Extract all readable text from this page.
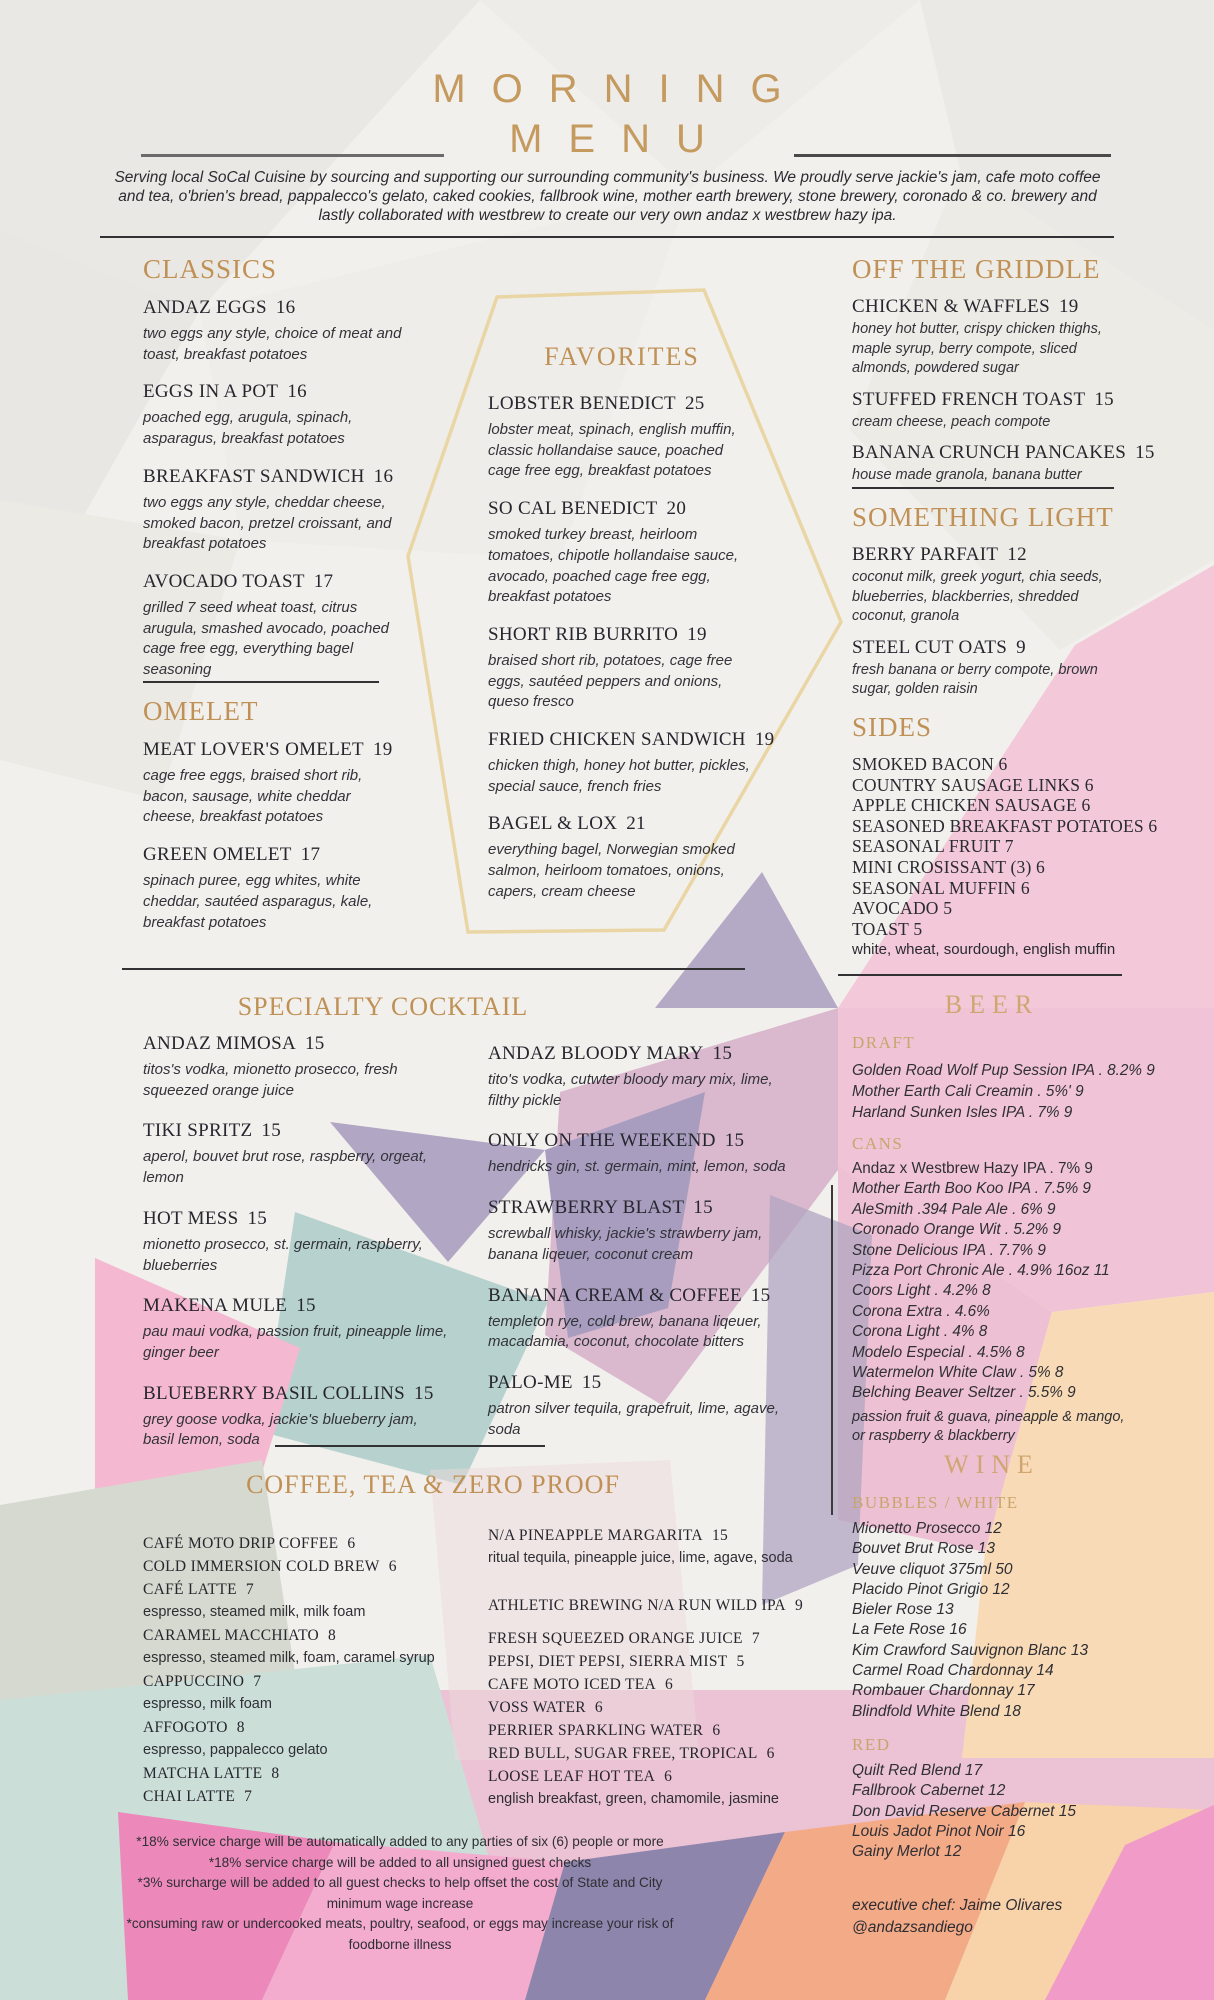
MORNING
MENU
Serving local SoCal Cuisine by sourcing and supporting our surrounding community's business. We proudly serve jackie's jam, cafe moto coffee
and tea, o'brien's bread, pappalecco's gelato, caked cookies, fallbrook wine, mother earth brewery, stone brewery, coronado & co. brewery and
lastly collaborated with westbrew to create our very own andaz x westbrew hazy ipa.
CLASSICS
ANDAZ EGGS 16
two eggs any style, choice of meat and toast, breakfast potatoes
EGGS IN A POT 16
poached egg, arugula, spinach, asparagus, breakfast potatoes
BREAKFAST SANDWICH 16
two eggs any style, cheddar cheese, smoked bacon, pretzel croissant, and breakfast potatoes
AVOCADO TOAST 17
grilled 7 seed wheat toast, citrus arugula, smashed avocado, poached cage free egg, everything bagel seasoning
OMELET
MEAT LOVER'S OMELET 19
cage free eggs, braised short rib, bacon, sausage, white cheddar cheese, breakfast potatoes
GREEN OMELET 17
spinach puree, egg whites, white cheddar, sautéed asparagus, kale, breakfast potatoes
FAVORITES
LOBSTER BENEDICT 25
lobster meat, spinach, english muffin, classic hollandaise sauce, poached cage free egg, breakfast potatoes
SO CAL BENEDICT 20
smoked turkey breast, heirloom tomatoes, chipotle hollandaise sauce, avocado, poached cage free egg, breakfast potatoes
SHORT RIB BURRITO 19
braised short rib, potatoes, cage free eggs, sautéed peppers and onions, queso fresco
FRIED CHICKEN SANDWICH 19
chicken thigh, honey hot butter, pickles, special sauce, french fries
BAGEL & LOX 21
everything bagel, Norwegian smoked salmon, heirloom tomatoes, onions, capers, cream cheese
OFF THE GRIDDLE
CHICKEN & WAFFLES 19
honey hot butter, crispy chicken thighs, maple syrup, berry compote, sliced almonds, powdered sugar
STUFFED FRENCH TOAST 15
cream cheese, peach compote
BANANA CRUNCH PANCAKES 15
house made granola, banana butter
SOMETHING LIGHT
BERRY PARFAIT 12
coconut milk, greek yogurt, chia seeds, blueberries, blackberries, shredded coconut, granola
STEEL CUT OATS 9
fresh banana or berry compote, brown sugar, golden raisin
SIDES
SMOKED BACON 6
COUNTRY SAUSAGE LINKS 6
APPLE CHICKEN SAUSAGE 6
SEASONED BREAKFAST POTATOES 6
SEASONAL FRUIT 7
MINI CROSISSANT (3) 6
SEASONAL MUFFIN 6
AVOCADO 5
TOAST 5
white, wheat, sourdough, english muffin
SPECIALTY COCKTAIL
ANDAZ MIMOSA 15
titos's vodka, mionetto prosecco, fresh squeezed orange juice
TIKI SPRITZ 15
aperol, bouvet brut rose, raspberry, orgeat, lemon
HOT MESS 15
mionetto prosecco, st. germain, raspberry, blueberries
MAKENA MULE 15
pau maui vodka, passion fruit, pineapple lime, ginger beer
BLUEBERRY BASIL COLLINS 15
grey goose vodka, jackie's blueberry jam, basil lemon, soda
ANDAZ BLOODY MARY 15
tito's vodka, cutwter bloody mary mix, lime, filthy pickle
ONLY ON THE WEEKEND 15
hendricks gin, st. germain, mint, lemon, soda
STRAWBERRY BLAST 15
screwball whisky, jackie's strawberry jam, banana liqeuer, coconut cream
BANANA CREAM & COFFEE 15
templeton rye, cold brew, banana liqeuer, macadamia, coconut, chocolate bitters
PALO-ME 15
patron silver tequila, grapefruit, lime, agave, soda
BEER
DRAFT
Golden Road Wolf Pup Session IPA . 8.2% 9
Mother Earth Cali Creamin . 5%' 9
Harland Sunken Isles IPA . 7% 9
CANS
Andaz x Westbrew Hazy IPA . 7% 9
Mother Earth Boo Koo IPA . 7.5% 9
AleSmith .394 Pale Ale . 6% 9
Coronado Orange Wit . 5.2% 9
Stone Delicious IPA . 7.7% 9
Pizza Port Chronic Ale . 4.9% 16oz 11
Coors Light . 4.2% 8
Corona Extra . 4.6%
Corona Light . 4% 8
Modelo Especial . 4.5% 8
Watermelon White Claw . 5% 8
Belching Beaver Seltzer . 5.5% 9
passion fruit & guava, pineapple & mango, or raspberry & blackberry
COFFEE, TEA & ZERO PROOF
CAFÉ MOTO DRIP COFFEE 6
COLD IMMERSION COLD BREW 6
CAFÉ LATTE 7
espresso, steamed milk, milk foam
CARAMEL MACCHIATO 8
espresso, steamed milk, foam, caramel syrup
CAPPUCCINO 7
espresso, milk foam
AFFOGOTO 8
espresso, pappalecco gelato
MATCHA LATTE 8
CHAI LATTE 7
N/A PINEAPPLE MARGARITA 15
ritual tequila, pineapple juice, lime, agave, soda
ATHLETIC BREWING N/A RUN WILD IPA 9
FRESH SQUEEZED ORANGE JUICE 7
PEPSI, DIET PEPSI, SIERRA MIST 5
CAFE MOTO ICED TEA 6
VOSS WATER 6
PERRIER SPARKLING WATER 6
RED BULL, SUGAR FREE, TROPICAL 6
LOOSE LEAF HOT TEA 6
english breakfast, green, chamomile, jasmine
WINE
BUBBLES / WHITE
Mionetto Prosecco 12
Bouvet Brut Rose 13
Veuve cliquot 375ml 50
Placido Pinot Grigio 12
Bieler Rose 13
La Fete Rose 16
Kim Crawford Sauvignon Blanc 13
Carmel Road Chardonnay 14
Rombauer Chardonnay 17
Blindfold White Blend 18
RED
Quilt Red Blend 17
Fallbrook Cabernet 12
Don David Reserve Cabernet 15
Louis Jadot Pin​ot Noir 16
Gainy Merlot 12
executive chef: Jaime Olivares
@andazsandiego
*18% service charge will be automatically added to any parties of six (6) people or more
*18% service charge will be added to all unsigned guest checks
*3% surcharge will be added to all guest checks to help offset the cost of State and City minimum wage increase
*consuming raw or undercooked meats, poultry, seafood, or eggs may increase your risk of foodborne illness
